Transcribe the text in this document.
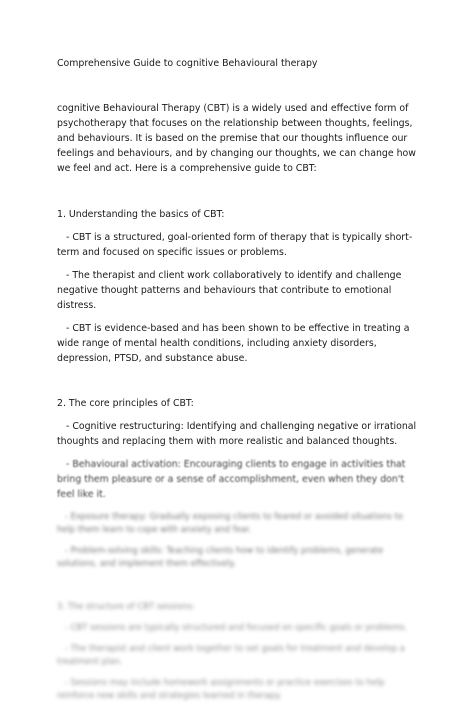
Comprehensive Guide to cognitive Behavioural therapy

cognitive Behavioural Therapy (CBT) is a widely used and effective form of psychotherapy that focuses on the relationship between thoughts, feelings, and behaviours. It is based on the premise that our thoughts influence our feelings and behaviours, and by changing our thoughts, we can change how we feel and act. Here is a comprehensive guide to CBT:

1. Understanding the basics of CBT:

- CBT is a structured, goal-oriented form of therapy that is typically short-term and focused on specific issues or problems.

- The therapist and client work collaboratively to identify and challenge negative thought patterns and behaviours that contribute to emotional distress.

- CBT is evidence-based and has been shown to be effective in treating a wide range of mental health conditions, including anxiety disorders, depression, PTSD, and substance abuse.

2. The core principles of CBT:

- Cognitive restructuring: Identifying and challenging negative or irrational thoughts and replacing them with more realistic and balanced thoughts.

- Behavioural activation: Encouraging clients to engage in activities that bring them pleasure or a sense of accomplishment, even when they don't feel like it.

- Exposure therapy: Gradually exposing clients to feared or avoided situations to help them learn to cope with anxiety and fear.

- Problem-solving skills: Teaching clients how to identify problems, generate solutions, and implement them effectively.

3. The structure of CBT sessions:

- CBT sessions are typically structured and focused on specific goals or problems.

- The therapist and client work together to set goals for treatment and develop a treatment plan.

- Sessions may include homework assignments or practice exercises to help reinforce new skills and strategies learned in therapy.
